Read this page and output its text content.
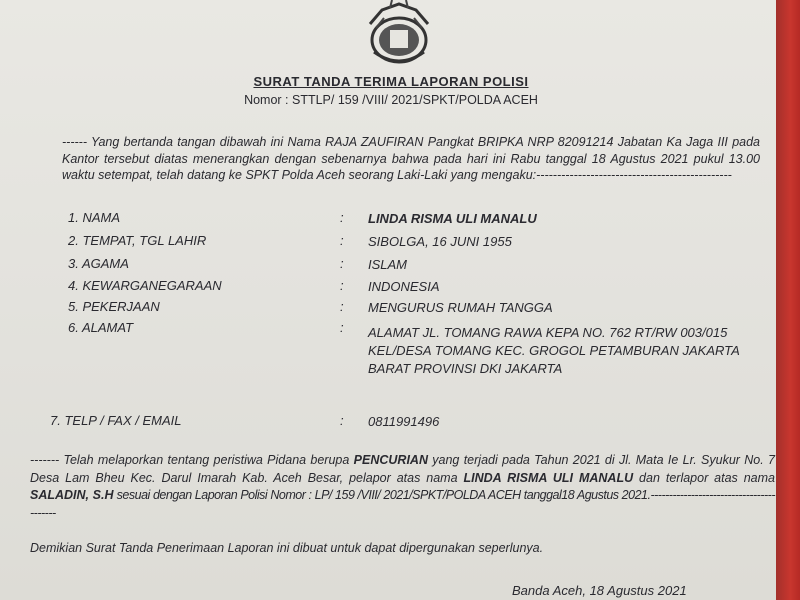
SURAT TANDA TERIMA LAPORAN POLISI
Nomor : STTLP/ 159 /VIII/ 2021/SPKT/POLDA ACEH
------ Yang bertanda tangan dibawah ini Nama RAJA ZAUFIRAN Pangkat BRIPKA NRP 82091214 Jabatan Ka Jaga III pada Kantor tersebut diatas menerangkan dengan sebenarnya bahwa pada hari ini Rabu tanggal 18 Agustus 2021 pukul 13.00 waktu setempat, telah datang ke SPKT Polda Aceh seorang Laki-Laki yang mengaku:-----------------------------------------------
1. NAMA	: LINDA RISMA ULI MANALU
2. TEMPAT, TGL LAHIR	: SIBOLGA, 16 JUNI 1955
3. AGAMA	: ISLAM
4. KEWARGANEGARAAN	: INDONESIA
5. PEKERJAAN	: MENGURUS RUMAH TANGGA
6. ALAMAT	: ALAMAT JL. TOMANG RAWA KEPA NO. 762 RT/RW 003/015 KEL/DESA TOMANG KEC. GROGOL PETAMBURAN JAKARTA BARAT PROVINSI DKI JAKARTA
7. TELP / FAX / EMAIL	: 0811991496
------- Telah melaporkan tentang peristiwa Pidana berupa PENCURIAN yang terjadi pada Tahun 2021 di Jl. Mata Ie Lr. Syukur No. 7 Desa Lam Bheu Kec. Darul Imarah Kab. Aceh Besar, pelapor atas nama LINDA RISMA ULI MANALU dan terlapor atas nama SALADIN, S.H sesuai dengan Laporan Polisi Nomor : LP/ 159 /VIII/ 2021/SPKT/POLDA ACEH tanggal18 Agustus 2021.-----------------------------------------
Demikian Surat Tanda Penerimaan Laporan ini dibuat untuk dapat dipergunakan seperlunya.
Banda Aceh, 18 Agustus 2021
